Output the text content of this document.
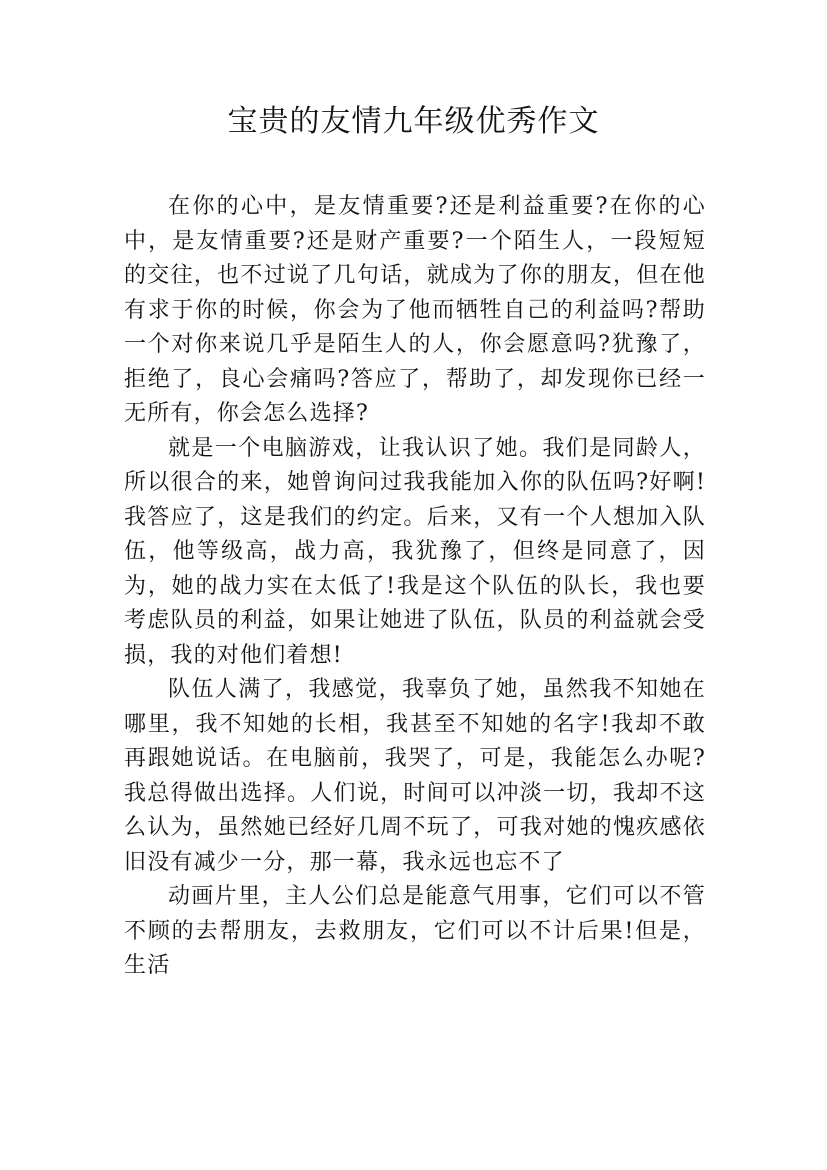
宝贵的友情九年级优秀作文

在你的心中，是友情重要?还是利益重要?在你的心中，是友情重要?还是财产重要?一个陌生人，一段短短的交往，也不过说了几句话，就成为了你的朋友，但在他有求于你的时候，你会为了他而牺牲自己的利益吗?帮助一个对你来说几乎是陌生人的人，你会愿意吗?犹豫了，拒绝了，良心会痛吗?答应了，帮助了，却发现你已经一无所有，你会怎么选择?

就是一个电脑游戏，让我认识了她。我们是同龄人，所以很合的来，她曾询问过我我能加入你的队伍吗?好啊!我答应了，这是我们的约定。后来，又有一个人想加入队伍，他等级高，战力高，我犹豫了，但终是同意了，因为，她的战力实在太低了!我是这个队伍的队长，我也要考虑队员的利益，如果让她进了队伍，队员的利益就会受损，我的对他们着想!

队伍人满了，我感觉，我辜负了她，虽然我不知她在哪里，我不知她的长相，我甚至不知她的名字!我却不敢再跟她说话。在电脑前，我哭了，可是，我能怎么办呢?我总得做出选择。人们说，时间可以冲淡一切，我却不这么认为，虽然她已经好几周不玩了，可我对她的愧疚感依旧没有减少一分，那一幕，我永远也忘不了

动画片里，主人公们总是能意气用事，它们可以不管不顾的去帮朋友，去救朋友，它们可以不计后果!但是，生活
